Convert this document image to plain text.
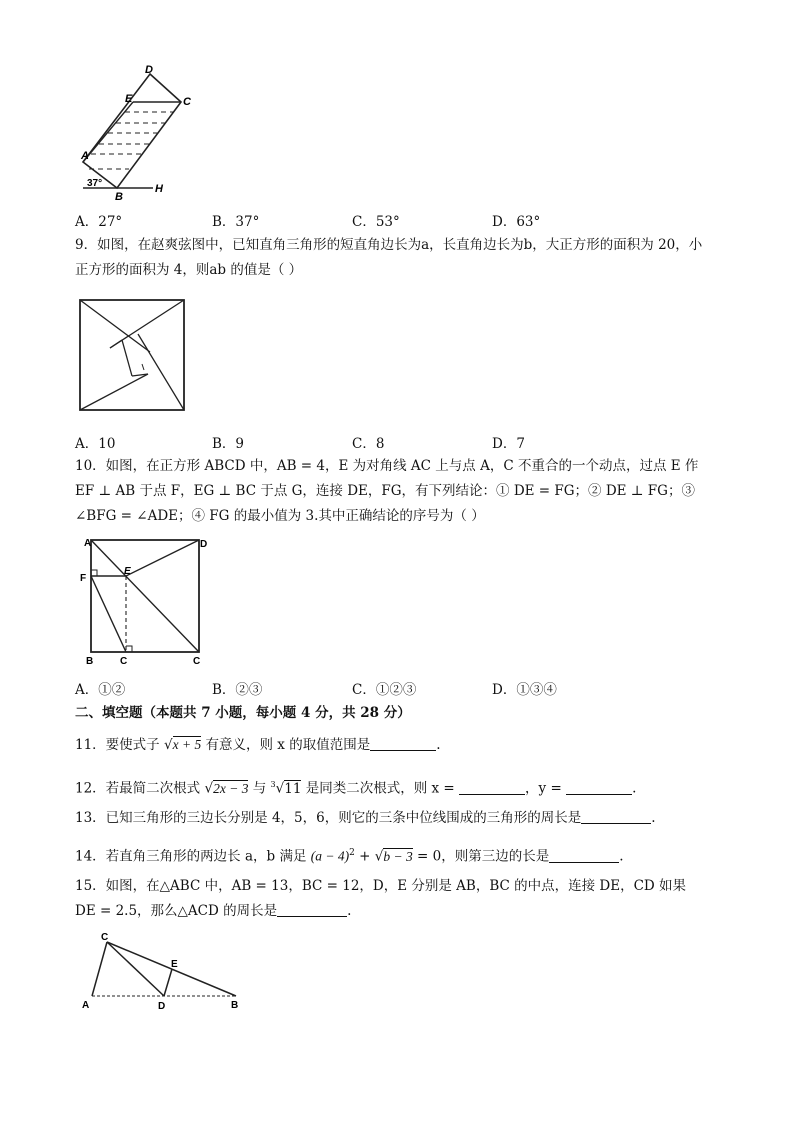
D
E	C
A
B
H
37°
A．27°	B．37°	C．53°	D．63°
9．如图，在赵爽弦图中，已知直角三角形的短直角边长为a，长直角边长为b，大正方形的面积为 20，小
正方形的面积为 4，则ab 的值是（ ）
A．10	B．9	C．8	D．7
10．如图，在正方形 ABCD 中，AB = 4，E 为对角线 AC 上与点 A，C 不重合的一个动点，过点 E 作
EF ⊥ AB 于点 F，EG ⊥ BC 于点 G，连接 DE，FG，有下列结论：① DE = FG；② DE ⊥ FG；③
∠BFG = ∠ADE；④ FG 的最小值为 3.其中正确结论的序号为（ ）
A	D
F
E
B	C	C
A．①②	B．②③	C．①②③	D．①③④
二、填空题（本题共 7 小题，每小题 4 分，共 28 分）
11．要使式子 √x + 5 有意义，则 x 的取值范围是	.
12．若最简二次根式 √2x − 3 与 $^3$√11 是同类二次根式，则 x =	，y =	.
13．已知三角形的三边长分别是 4，5，6，则它的三条中位线围成的三角形的周长是	.
14．若直角三角形的两边长 a，b 满足 $(a - 4)^2 + √b - 3 = 0$，则第三边的长是	.
15．如图，在△ABC 中，AB = 13，BC = 12，D，E 分别是 AB，BC 的中点，连接 DE，CD 如果
DE = 2.5，那么△ACD 的周长是	.
C
E
A	D	B
